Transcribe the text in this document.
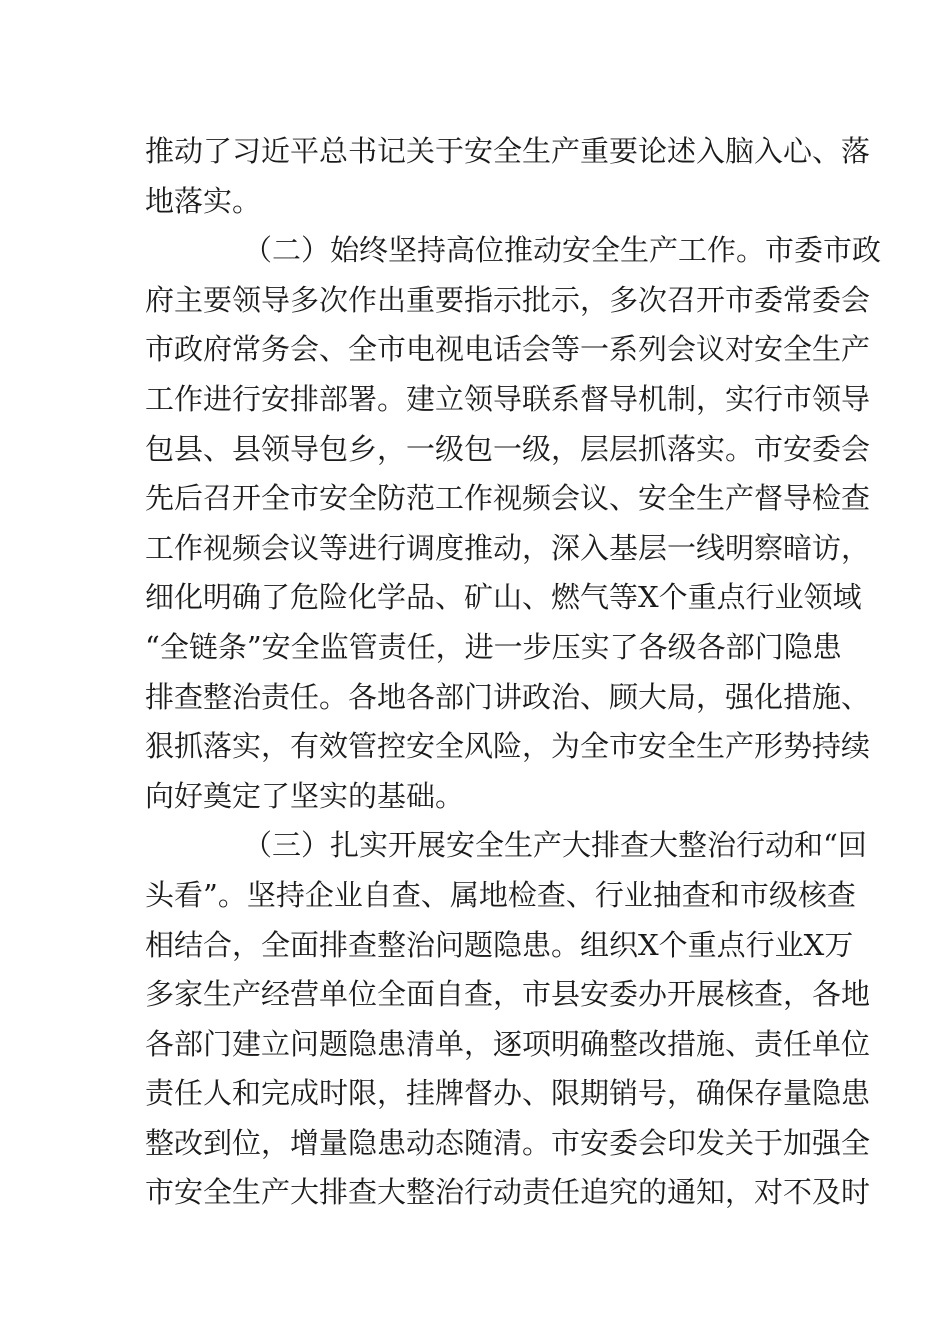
推动了习近平总书记关于安全生产重要论述入脑入心、落
地落实。
（二）始终坚持高位推动安全生产工作。市委市政
府主要领导多次作出重要指示批示，多次召开市委常委会
市政府常务会、全市电视电话会等一系列会议对安全生产
工作进行安排部署。建立领导联系督导机制，实行市领导
包县、县领导包乡，一级包一级，层层抓落实。市安委会
先后召开全市安全防范工作视频会议、安全生产督导检查
工作视频会议等进行调度推动，深入基层一线明察暗访，
细化明确了危险化学品、矿山、燃气等X个重点行业领域
“全链条”安全监管责任，进一步压实了各级各部门隐患
排查整治责任。各地各部门讲政治、顾大局，强化措施、
狠抓落实，有效管控安全风险，为全市安全生产形势持续
向好奠定了坚实的基础。
（三）扎实开展安全生产大排查大整治行动和“回
头看”。坚持企业自查、属地检查、行业抽查和市级核查
相结合，全面排查整治问题隐患。组织X个重点行业X万
多家生产经营单位全面自查，市县安委办开展核查，各地
各部门建立问题隐患清单，逐项明确整改措施、责任单位
责任人和完成时限，挂牌督办、限期销号，确保存量隐患
整改到位，增量隐患动态随清。市安委会印发关于加强全
市安全生产大排查大整治行动责任追究的通知，对不及时
